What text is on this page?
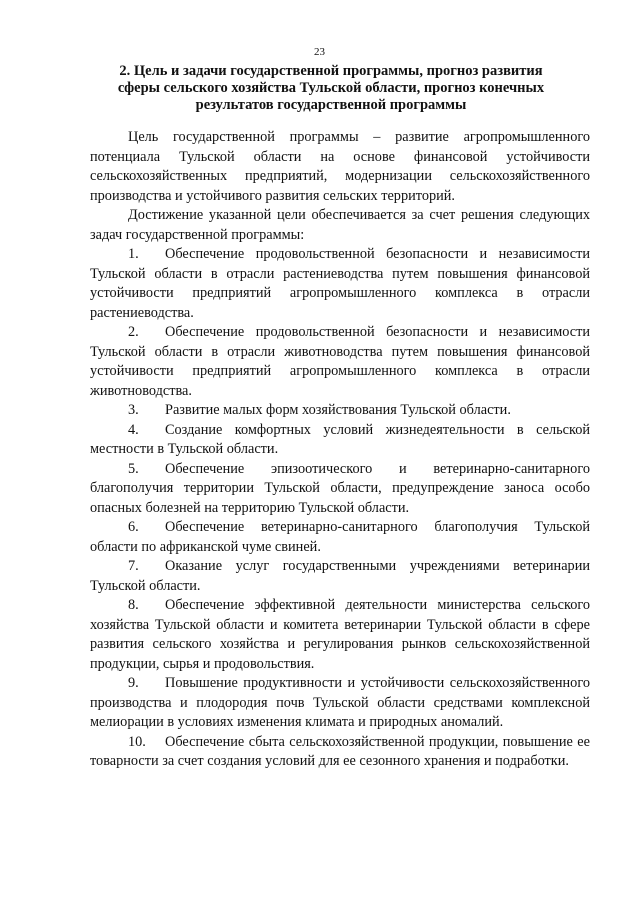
23
2. Цель и задачи государственной программы, прогноз развития
сферы сельского хозяйства Тульской области, прогноз конечных
результатов государственной программы

Цель государственной программы – развитие агропромышленного потенциала Тульской области на основе финансовой устойчивости сельскохозяйственных предприятий, модернизации сельскохозяйственного производства и устойчивого развития сельских территорий.

Достижение указанной цели обеспечивается за счет решения следующих задач государственной программы:

1. Обеспечение продовольственной безопасности и независимости Тульской области в отрасли растениеводства путем повышения финансовой устойчивости предприятий агропромышленного комплекса в отрасли растениеводства.

2. Обеспечение продовольственной безопасности и независимости Тульской области в отрасли животноводства путем повышения финансовой устойчивости предприятий агропромышленного комплекса в отрасли животноводства.

3. Развитие малых форм хозяйствования Тульской области.

4. Создание комфортных условий жизнедеятельности в сельской местности в Тульской области.

5. Обеспечение эпизоотического и ветеринарно-санитарного благополучия территории Тульской области, предупреждение заноса особо опасных болезней на территорию Тульской области.

6. Обеспечение ветеринарно-санитарного благополучия Тульской области по африканской чуме свиней.

7. Оказание услуг государственными учреждениями ветеринарии Тульской области.

8. Обеспечение эффективной деятельности министерства сельского хозяйства Тульской области и комитета ветеринарии Тульской области в сфере развития сельского хозяйства и регулирования рынков сельскохозяйственной продукции, сырья и продовольствия.

9. Повышение продуктивности и устойчивости сельскохозяйственного производства и плодородия почв Тульской области средствами комплексной мелиорации в условиях изменения климата и природных аномалий.

10. Обеспечение сбыта сельскохозяйственной продукции, повышение ее товарности за счет создания условий для ее сезонного хранения и подработки.
